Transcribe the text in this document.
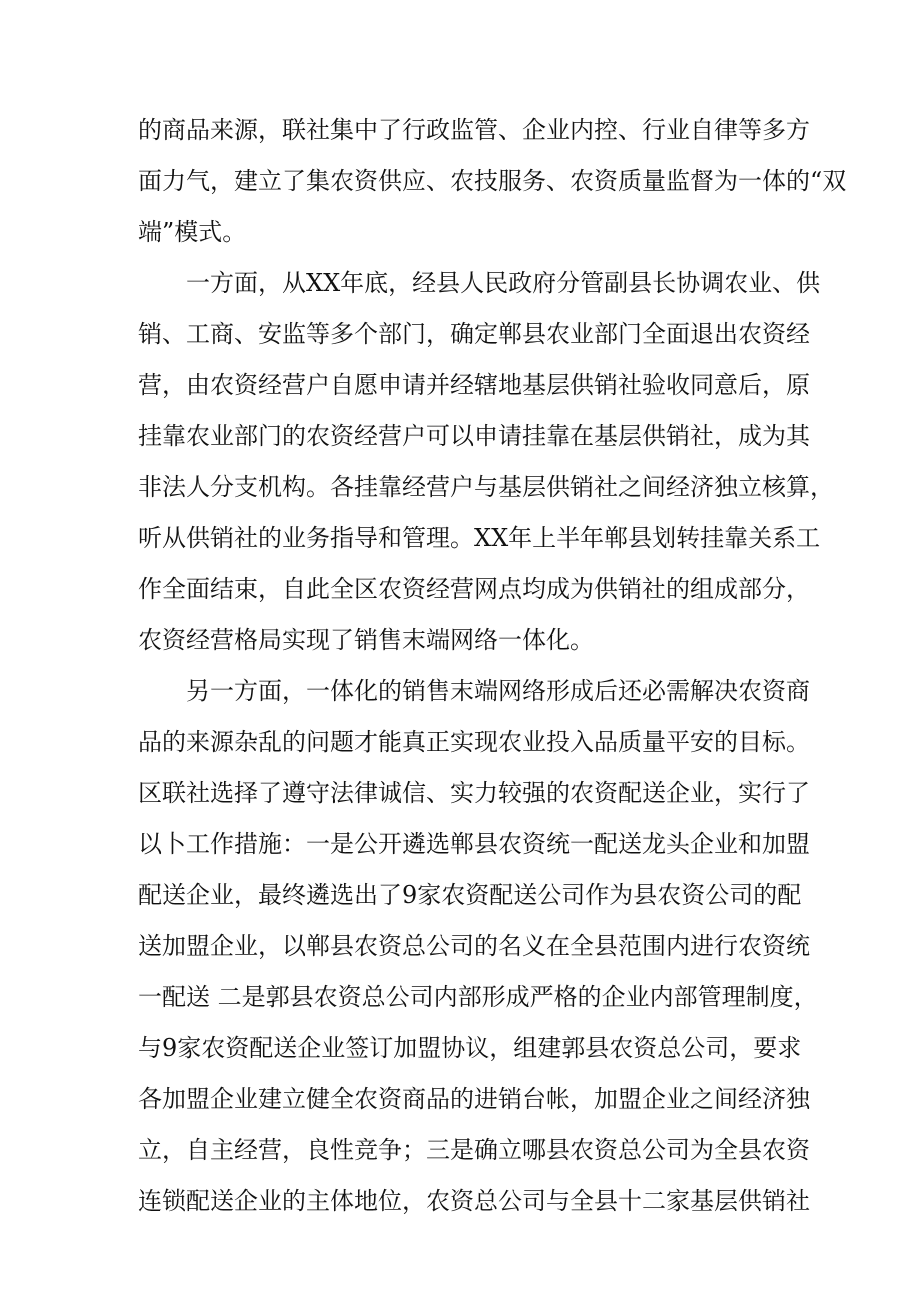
的商品来源，联社集中了行政监管、企业内控、行业自律等多方
面力气，建立了集农资供应、农技服务、农资质量监督为一体的“双
端”模式。
一方面，从XX年底，经县人民政府分管副县长协调农业、供
销、工商、安监等多个部门，确定郸县农业部门全面退出农资经
营，由农资经营户自愿申请并经辖地基层供销社验收同意后，原
挂靠农业部门的农资经营户可以申请挂靠在基层供销社，成为其
非法人分支机构。各挂靠经营户与基层供销社之间经济独立核算，
听从供销社的业务指导和管理。XX年上半年郸县划转挂靠关系工
作全面结束，自此全区农资经营网点均成为供销社的组成部分，
农资经营格局实现了销售末端网络一体化。
另一方面，一体化的销售末端网络形成后还必需解决农资商
品的来源杂乱的问题才能真正实现农业投入品质量平安的目标。
区联社选择了遵守法律诚信、实力较强的农资配送企业，实行了
以卜工作措施：一是公开遴选郸县农资统一配送龙头企业和加盟
配送企业，最终遴选出了9家农资配送公司作为县农资公司的配
送加盟企业，以郸县农资总公司的名义在全县范围内进行农资统
一配送 二是郭县农资总公司内部形成严格的企业内部管理制度，
与9家农资配送企业签订加盟协议，组建郭县农资总公司，要求
各加盟企业建立健全农资商品的进销台帐，加盟企业之间经济独
立，自主经营，良性竞争；三是确立哪县农资总公司为全县农资
连锁配送企业的主体地位，农资总公司与全县十二家基层供销社
